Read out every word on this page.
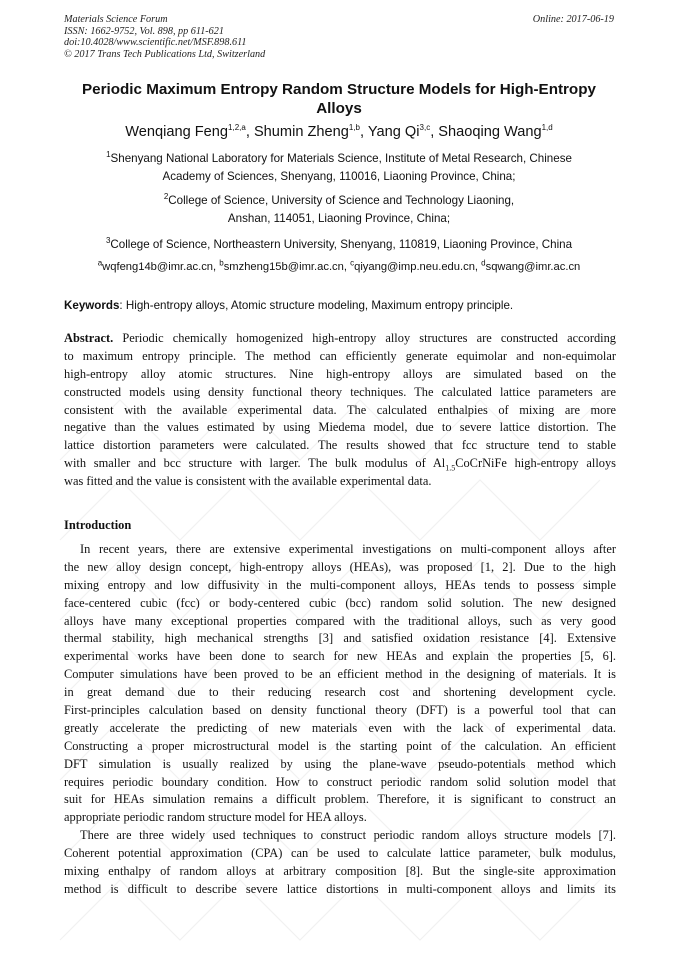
Materials Science Forum
ISSN: 1662-9752, Vol. 898, pp 611-621
doi:10.4028/www.scientific.net/MSF.898.611
© 2017 Trans Tech Publications Ltd, Switzerland
Online: 2017-06-19
Periodic Maximum Entropy Random Structure Models for High-Entropy
Alloys
Wenqiang Feng$^{1,2,a}$, Shumin Zheng$^{1,b}$, Yang Qi$^{3,c}$, Shaoqing Wang$^{1,d}$
$^1$Shenyang National Laboratory for Materials Science, Institute of Metal Research, Chinese
Academy of Sciences, Shenyang, 110016, Liaoning Province, China;
$^2$College of Science, University of Science and Technology Liaoning,
Anshan, 114051, Liaoning Province, China;
$^3$College of Science, Northeastern University, Shenyang, 110819, Liaoning Province, China
$^a$wqfeng14b@imr.ac.cn, $^b$smzheng15b@imr.ac.cn, $^c$qiyang@imp.neu.edu.cn, $^d$sqwang@imr.ac.cn
Keywords: High-entropy alloys, Atomic structure modeling, Maximum entropy principle.
Abstract. Periodic chemically homogenized high-entropy alloy structures are constructed according
to maximum entropy principle. The method can efficiently generate equimolar and non-equimolar
high-entropy alloy atomic structures. Nine high-entropy alloys are simulated based on the
constructed models using density functional theory techniques. The calculated lattice parameters are
consistent with the available experimental data. The calculated enthalpies of mixing are more
negative than the values estimated by using Miedema model, due to severe lattice distortion. The
lattice distortion parameters were calculated. The results showed that fcc structure tend to stable
with smaller and bcc structure with larger. The bulk modulus of $Al_{1.5}CoCrNiFe$ high-entropy alloys
was fitted and the value is consistent with the available experimental data.
Introduction
In recent years, there are extensive experimental investigations on multi-component alloys after
the new alloy design concept, high-entropy alloys (HEAs), was proposed [1, 2]. Due to the high
mixing entropy and low diffusivity in the multi-component alloys, HEAs tends to possess simple
face-centered cubic (fcc) or body-centered cubic (bcc) random solid solution. The new designed
alloys have many exceptional properties compared with the traditional alloys, such as very good
thermal stability, high mechanical strengths [3] and satisfied oxidation resistance [4]. Extensive
experimental works have been done to search for new HEAs and explain the properties [5, 6].
Computer simulations have been proved to be an efficient method in the designing of materials. It is
in great demand due to their reducing research cost and shortening development cycle.
First-principles calculation based on density functional theory (DFT) is a powerful tool that can
greatly accelerate the predicting of new materials even with the lack of experimental data.
Constructing a proper microstructural model is the starting point of the calculation. An efficient
DFT simulation is usually realized by using the plane-wave pseudo-potentials method which
requires periodic boundary condition. How to construct periodic random solid solution model that
suit for HEAs simulation remains a difficult problem. Therefore, it is significant to construct an
appropriate periodic random structure model for HEA alloys.
There are three widely used techniques to construct periodic random alloys structure models [7].
Coherent potential approximation (CPA) can be used to calculate lattice parameter, bulk modulus,
mixing enthalpy of random alloys at arbitrary composition [8]. But the single-site approximation
method is difficult to describe severe lattice distortions in multi-component alloys and limits its
